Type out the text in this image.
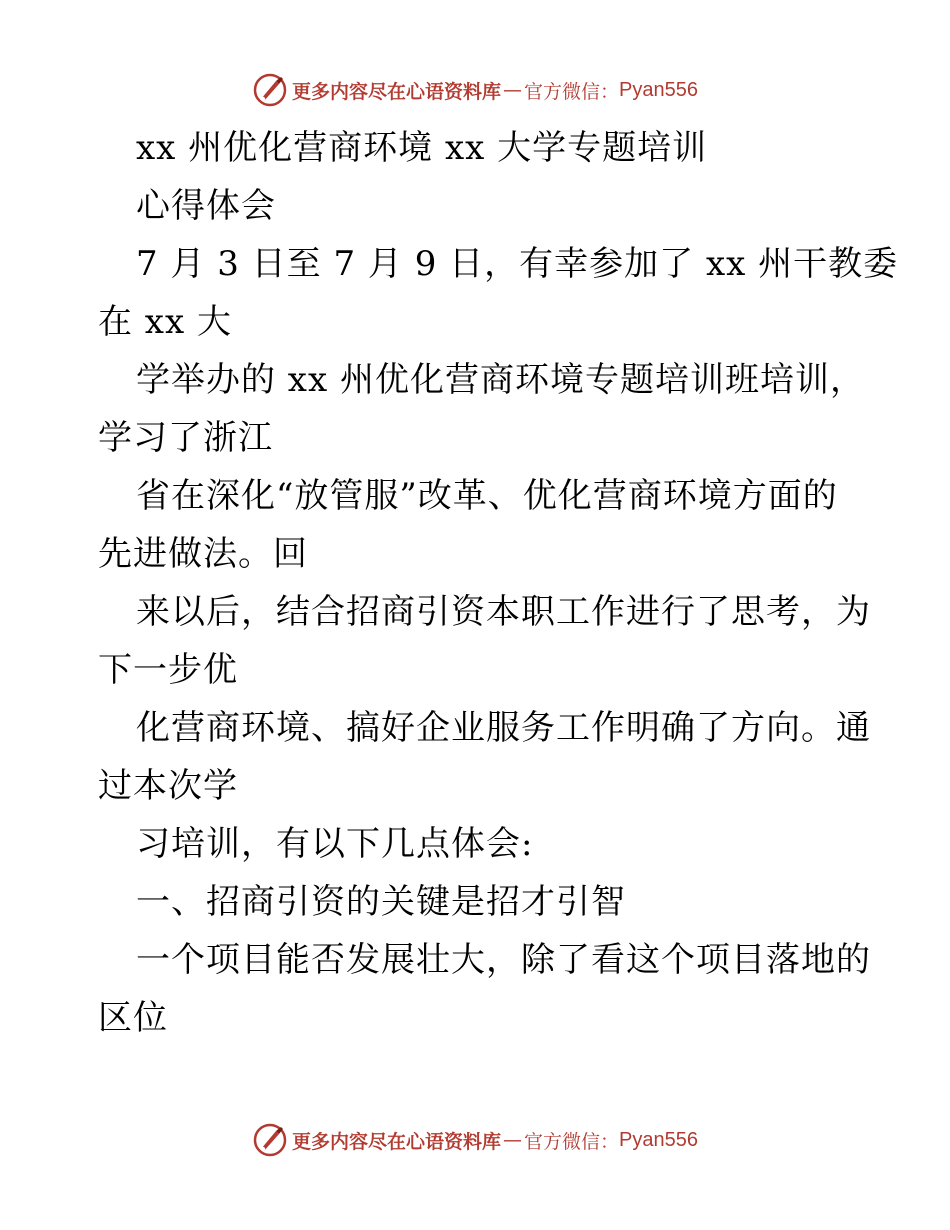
更多内容尽在心语资料库 — 官方微信： Pyan556
xx 州优化营商环境 xx 大学专题培训
心得体会
7 月 3 日至 7 月 9 日，有幸参加了 xx 州干教委
在 xx 大
学举办的 xx 州优化营商环境专题培训班培训，
学习了浙江
省在深化“放管服”改革、优化营商环境方面的
先进做法。回
来以后，结合招商引资本职工作进行了思考，为
下一步优
化营商环境、搞好企业服务工作明确了方向。通
过本次学
习培训，有以下几点体会:
一、招商引资的关键是招才引智
一个项目能否发展壮大，除了看这个项目落地的
区位
更多内容尽在心语资料库 — 官方微信： Pyan556
